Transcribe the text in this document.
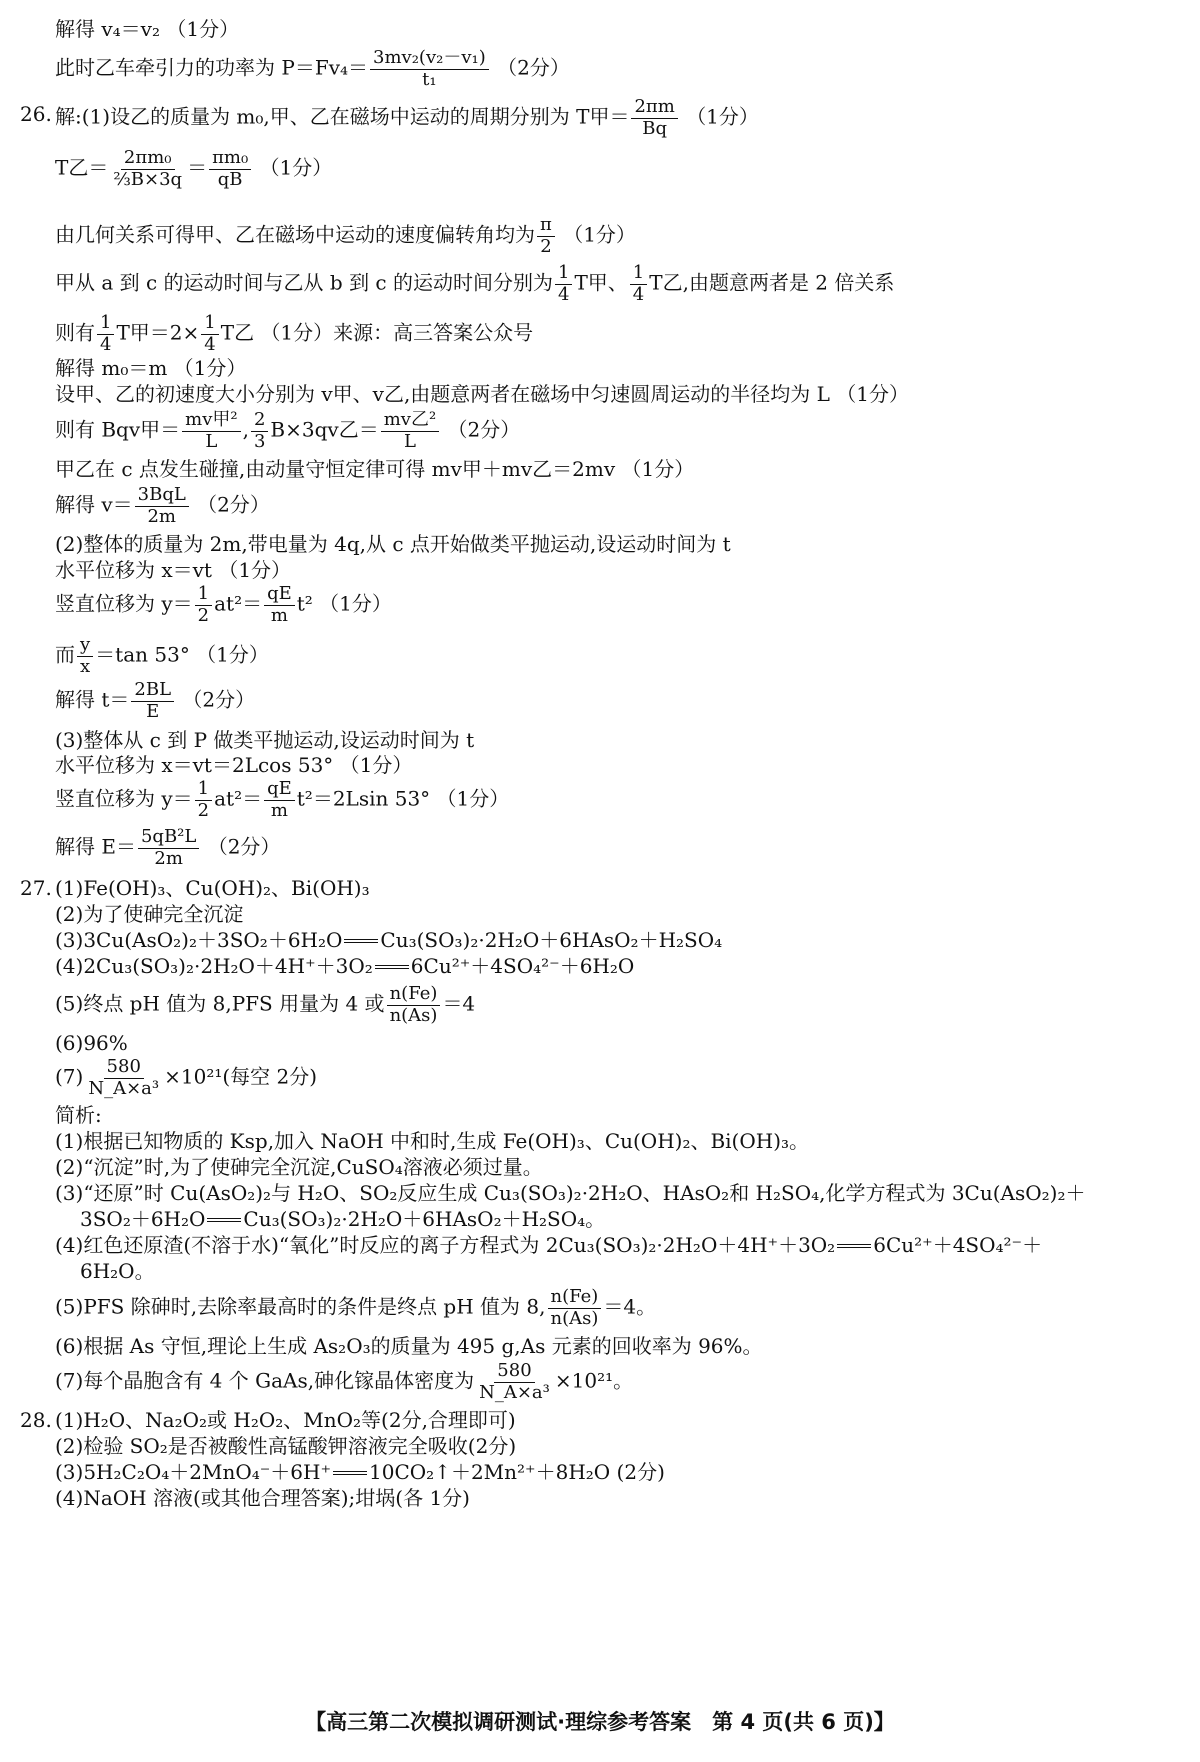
解得 v₄＝v₂ （1分）
此时乙车牵引力的功率为 $P=Fv_4= \frac{\text{3mv₂(v₂－v₁)}}{\text{t₁}} (2$分）
26. 解:(1)设乙的质量为 m₀,甲、乙在磁场中运动的周期分别为 T甲＝ $\frac{2\pi m}{Bq} (1$分）
T乙＝ $\frac{\text{2πm₀}}{\text{⅔B×3q}} = \frac{\text{πm₀}}{qB} (1$分）
由几何关系可得甲、乙在磁场中运动的速度偏转角均为 $\frac{\pi}{2} (1$分）
甲从 a 到 c 的运动时间与乙从 b 到 c 的运动时间分别为 $\frac{1}{4}$ T甲、 $\frac{1}{4}$ T乙,由题意两者是 2 倍关系
则有 $\frac{1}{4}$ T甲$=2\times \frac{1}{4}$ T乙 （1分）来源：高三答案公众号
解得 m₀＝m （1分）
设甲、乙的初速度大小分别为 v甲、v乙,由题意两者在磁场中匀速圆周运动的半径均为 L （1分）
则有 Bqv甲＝ $\frac{\text{mv甲²}}{L}$ , $\frac{2}{3} B\times 3qv$乙＝ $\frac{\text{mv乙²}}{L} (2$分）
甲乙在 c 点发生碰撞,由动量守恒定律可得 mv甲＋mv乙＝2mv （1分）
解得 $v= \frac{\text{3BqL}}{2m} (2$分）
(2)整体的质量为 2m,带电量为 4q,从 c 点开始做类平抛运动,设运动时间为 t
水平位移为 x＝vt （1分）
竖直位移为 $y= \frac{1}{2} at^2= \frac{qE}{m} t^2$ （1分）
而 $\frac{y}{x} =\tan$ 53° （1分）
解得 $t= \frac{2BL}{E} (2$分）
(3)整体从 c 到 P 做类平抛运动,设运动时间为 t
水平位移为 x＝vt＝2Lcos 53° （1分）
竖直位移为 $y= \frac{1}{2} at^2= \frac{qE}{m} t^2=2Lsin$ 53° （1分）
解得 $E= \frac{\text{5qB²L}}{2m} (2$分）
27. (1)Fe(OH)₃、Cu(OH)₂、Bi(OH)₃
(2)为了使砷完全沉淀
(3)3Cu(AsO₂)₂＋3SO₂＋6H₂O Cu₃(SO₃)₂·2H₂O＋6HAsO₂＋H₂SO₄
(4)2Cu₃(SO₃)₂·2H₂O＋4H⁺＋3O₂ 6Cu²⁺＋4SO₄²⁻＋6H₂O
(5)终点 pH 值为 8,PFS 用量为 4 或 $\frac{n(Fe)}{n(As)} =4$
(6)96%
$(7) \frac{580}{\text{N\_A×a³}} \times 10^{21}$(每空 2分)
简析:
(1)根据已知物质的 Ksp,加入 NaOH 中和时,生成 Fe(OH)₃、Cu(OH)₂、Bi(OH)₃。
(2)“沉淀”时,为了使砷完全沉淀,CuSO₄溶液必须过量。
(3)“还原”时 Cu(AsO₂)₂与 H₂O、SO₂反应生成 Cu₃(SO₃)₂·2H₂O、HAsO₂和 H₂SO₄,化学方程式为 3Cu(AsO₂)₂＋
3SO₂＋6H₂O Cu₃(SO₃)₂·2H₂O＋6HAsO₂＋H₂SO₄。
(4)红色还原渣(不溶于水)“氧化”时反应的离子方程式为 2Cu₃(SO₃)₂·2H₂O＋4H⁺＋3O₂ 6Cu²⁺＋4SO₄²⁻＋
6H₂O。
(5)PFS 除砷时,去除率最高时的条件是终点 pH 值为 8, $\frac{n(Fe)}{n(As)} =4$。
(6)根据 As 守恒,理论上生成 As₂O₃的质量为 495 g,As 元素的回收率为 96%。
(7)每个晶胞含有 4 个 GaAs,砷化镓晶体密度为 $\frac{580}{\text{N\_A×a³}} \times 10^{21}$。
28. (1)H₂O、Na₂O₂或 H₂O₂、MnO₂等(2分,合理即可)
(2)检验 SO₂是否被酸性高锰酸钾溶液完全吸收(2分)
(3)5H₂C₂O₄＋2MnO₄⁻＋6H⁺ 10CO₂↑＋2Mn²⁺＋8H₂O (2分)
(4)NaOH 溶液(或其他合理答案);坩埚(各 1分)
【高三第二次模拟调研测试·理综参考答案　第 4 页(共 6 页)】
